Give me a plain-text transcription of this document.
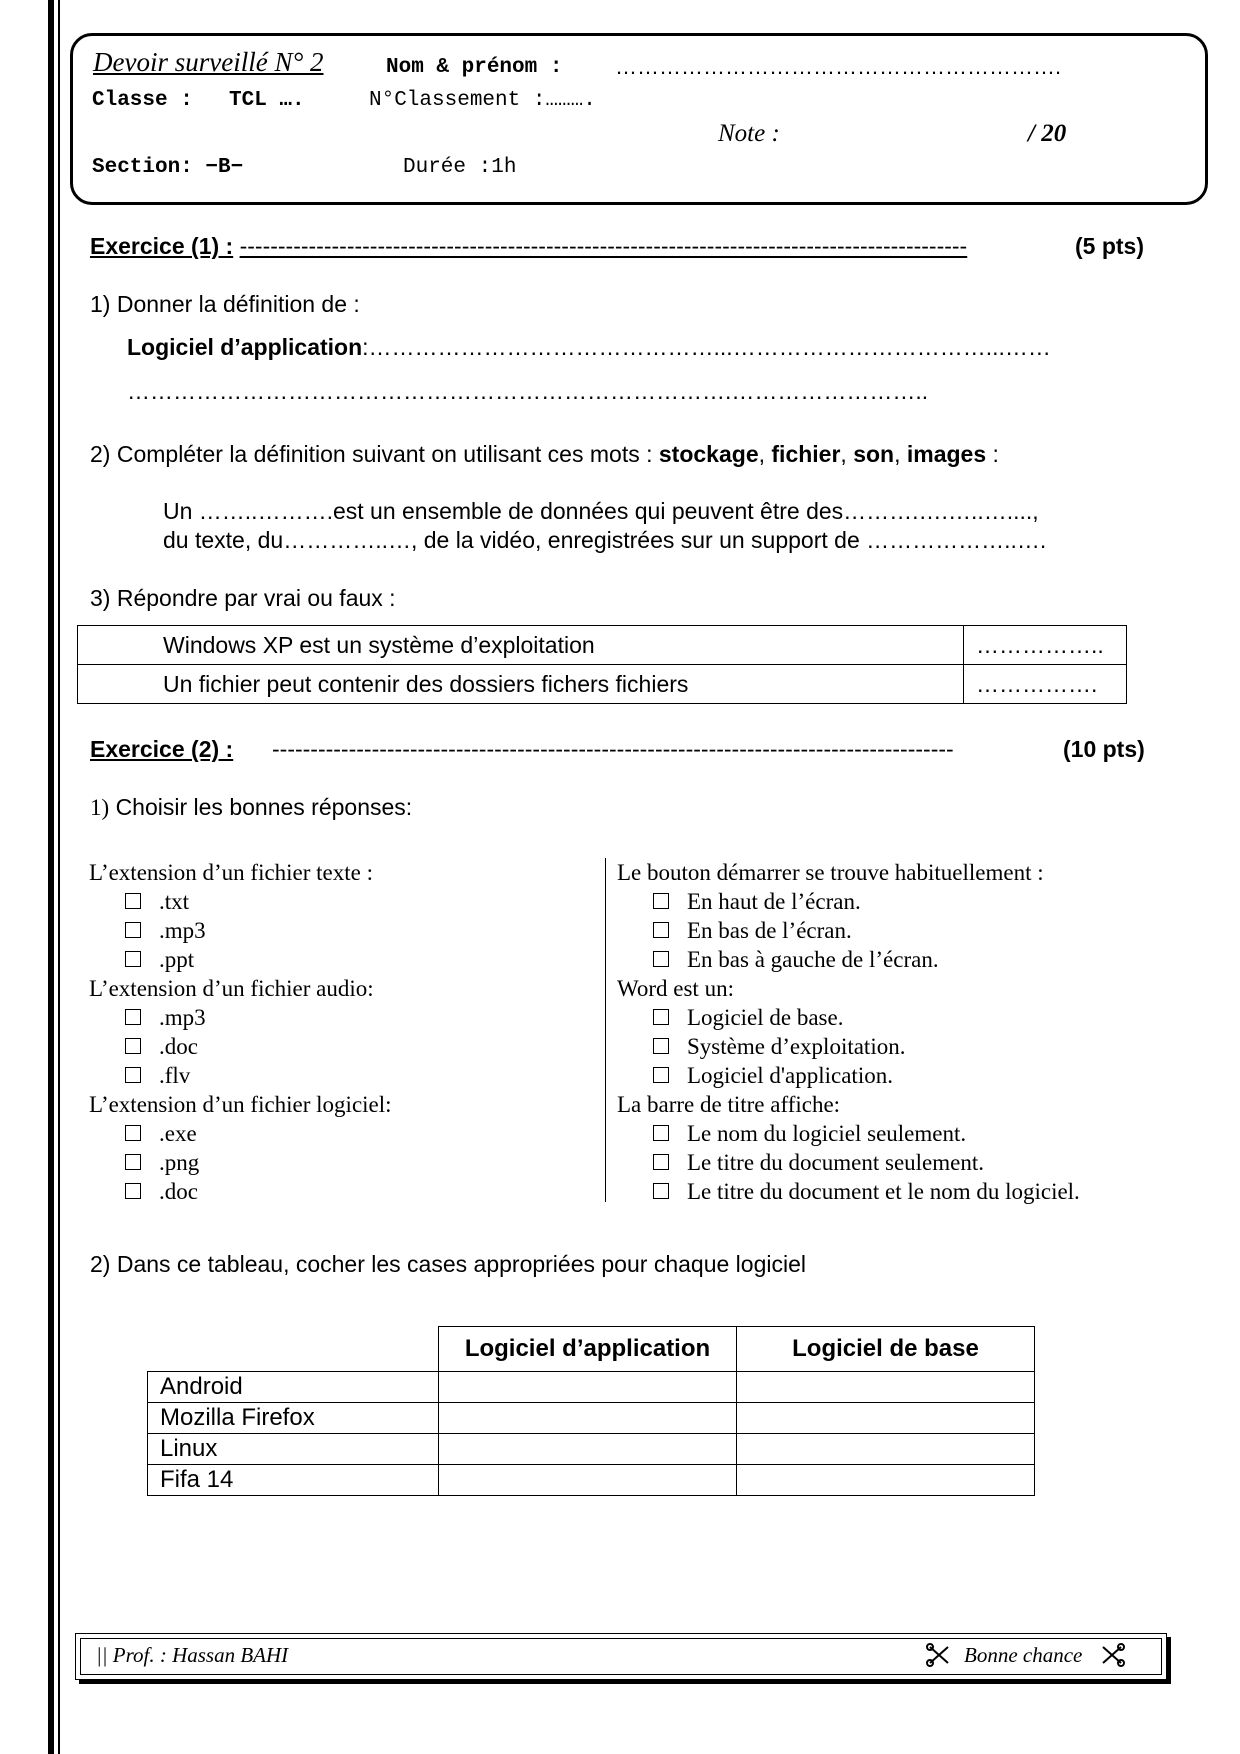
Devoir surveillé N° 2	Nom & prénom : …………………………………………………….
Classe : TCL ….	N°Classement :……….
Note :	/ 20
Section: −B−	Durée :1h
Exercice (1) : -----------------------------------------------------------------------------------------------	(5 pts)
1) Donner la définition de :
Logiciel d’application:………………………………………...……………………………...……
…………………………………………………………………….……………………..
2) Compléter la définition suivant on utilisant ces mots : stockage, fichier, son, images :
Un ……..……….est un ensemble de données qui peuvent être des……….….…..…....,
du texte, du…………..…, de la vidéo, enregistrées sur un support de ………………..….
3) Répondre par vrai ou faux :
Windows XP est un système d’exploitation	……………..
Un fichier peut contenir des dossiers fichers fichiers	…………….
Exercice (2) : -----------------------------------------------------------------------------------------	(10 pts)
1) Choisir les bonnes réponses:
L’extension d’un fichier texte :
.txt
.mp3
.ppt
L’extension d’un fichier audio:
.mp3
.doc
.flv
L’extension d’un fichier logiciel:
.exe
.png
.doc
Le bouton démarrer se trouve habituellement :
En haut de l’écran.
En bas de l’écran.
En bas à gauche de l’écran.
Word est un:
Logiciel de base.
Système d’exploitation.
Logiciel d'application.
La barre de titre affiche:
Le nom du logiciel seulement.
Le titre du document seulement.
Le titre du document et le nom du logiciel.
2) Dans ce tableau, cocher les cases appropriées pour chaque logiciel
	Logiciel d’application	Logiciel de base
Android		
Mozilla Firefox		
Linux		
Fifa 14		
|| Prof. : Hassan BAHI	Bonne chance
